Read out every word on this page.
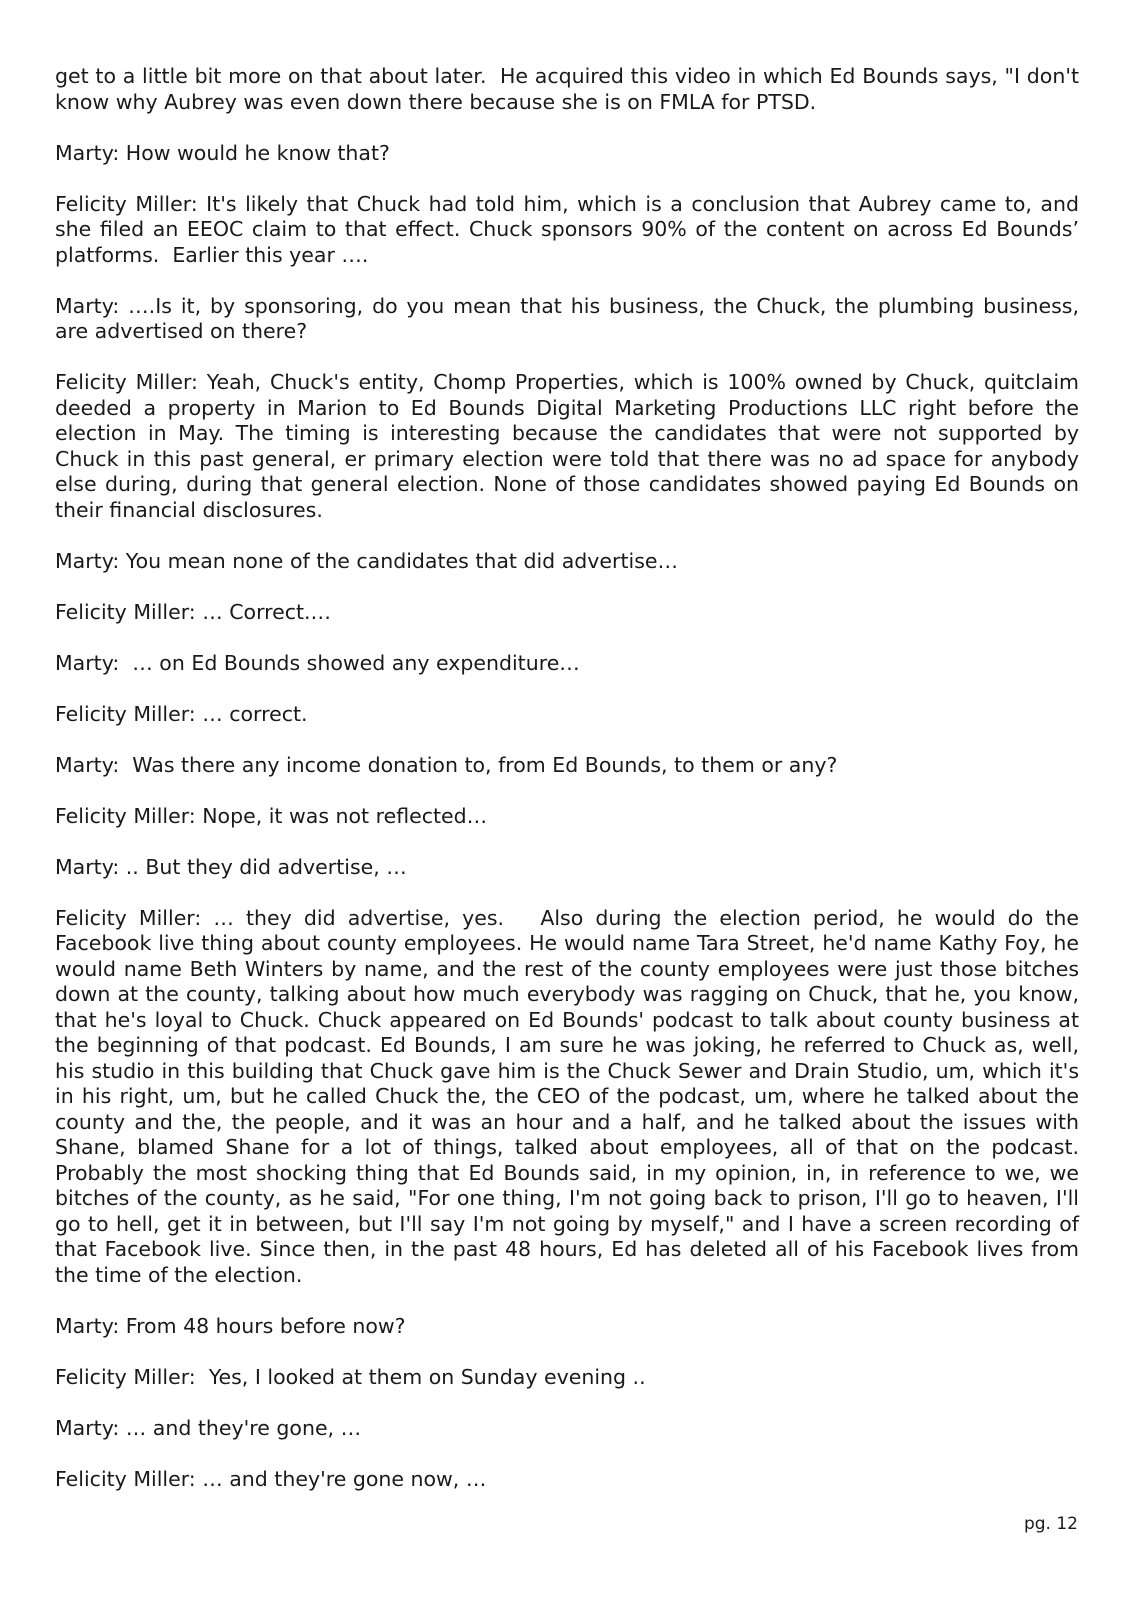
get to a little bit more on that about later.  He acquired this video in which Ed Bounds says, "I don't know why Aubrey was even down there because she is on FMLA for PTSD.

Marty: How would he know that?

Felicity Miller: It's likely that Chuck had told him, which is a conclusion that Aubrey came to, and she filed an EEOC claim to that effect. Chuck sponsors 90% of the content on across Ed Bounds’ platforms.  Earlier this year ….

Marty: ….Is it, by sponsoring, do you mean that his business, the Chuck, the plumbing business, are advertised on there?

Felicity Miller: Yeah, Chuck's entity, Chomp Properties, which is 100% owned by Chuck, quitclaim deeded a property in Marion to Ed Bounds Digital Marketing Productions LLC right before the election in May. The timing is interesting because the candidates that were not supported by Chuck in this past general, er primary election were told that there was no ad space for anybody else during, during that general election. None of those candidates showed paying Ed Bounds on their financial disclosures.

Marty: You mean none of the candidates that did advertise…

Felicity Miller: … Correct.…

Marty:  … on Ed Bounds showed any expenditure…

Felicity Miller: … correct.

Marty:  Was there any income donation to, from Ed Bounds, to them or any?

Felicity Miller: Nope, it was not reflected…

Marty: .. But they did advertise, …

Felicity Miller: … they did advertise, yes.   Also during the election period, he would do the Facebook live thing about county employees. He would name Tara Street, he'd name Kathy Foy, he would name Beth Winters by name, and the rest of the county employees were just those bitches down at the county, talking about how much everybody was ragging on Chuck, that he, you know, that he's loyal to Chuck. Chuck appeared on Ed Bounds' podcast to talk about county business at the beginning of that podcast. Ed Bounds, I am sure he was joking, he referred to Chuck as, well, his studio in this building that Chuck gave him is the Chuck Sewer and Drain Studio, um, which it's in his right, um, but he called Chuck the, the CEO of the podcast, um, where he talked about the county and the, the people, and it was an hour and a half, and he talked about the issues with Shane, blamed Shane for a lot of things, talked about employees, all of that on the podcast.  Probably the most shocking thing that Ed Bounds said, in my opinion, in, in reference to we, we bitches of the county, as he said, "For one thing, I'm not going back to prison, I'll go to heaven, I'll go to hell, get it in between, but I'll say I'm not going by myself," and I have a screen recording of that Facebook live. Since then, in the past 48 hours, Ed has deleted all of his Facebook lives from the time of the election.

Marty: From 48 hours before now?

Felicity Miller:  Yes, I looked at them on Sunday evening ..

Marty: … and they're gone, …

Felicity Miller: … and they're gone now, …

pg. 12
